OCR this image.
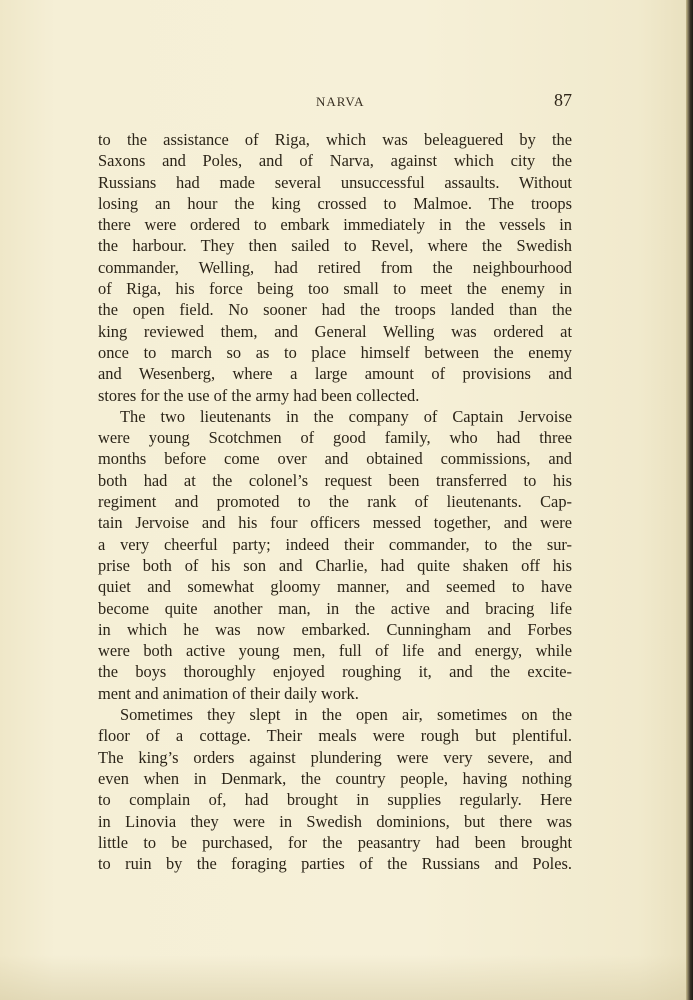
NARVA	87
to the assistance of Riga, which was beleaguered by the
Saxons and Poles, and of Narva, against which city the
Russians had made several unsuccessful assaults. Without
losing an hour the king crossed to Malmoe. The troops
there were ordered to embark immediately in the vessels in
the harbour. They then sailed to Revel, where the Swedish
commander, Welling, had retired from the neighbourhood
of Riga, his force being too small to meet the enemy in
the open field. No sooner had the troops landed than the
king reviewed them, and General Welling was ordered at
once to march so as to place himself between the enemy
and Wesenberg, where a large amount of provisions and
stores for the use of the army had been collected.
The two lieutenants in the company of Captain Jervoise
were young Scotchmen of good family, who had three
months before come over and obtained commissions, and
both had at the colonel’s request been transferred to his
regiment and promoted to the rank of lieutenants. Cap-
tain Jervoise and his four officers messed together, and were
a very cheerful party; indeed their commander, to the sur-
prise both of his son and Charlie, had quite shaken off his
quiet and somewhat gloomy manner, and seemed to have
become quite another man, in the active and bracing life
in which he was now embarked. Cunningham and Forbes
were both active young men, full of life and energy, while
the boys thoroughly enjoyed roughing it, and the excite-
ment and animation of their daily work.
Sometimes they slept in the open air, sometimes on the
floor of a cottage. Their meals were rough but plentiful.
The king’s orders against plundering were very severe, and
even when in Denmark, the country people, having nothing
to complain of, had brought in supplies regularly. Here
in Linovia they were in Swedish dominions, but there was
little to be purchased, for the peasantry had been brought
to ruin by the foraging parties of the Russians and Poles.
